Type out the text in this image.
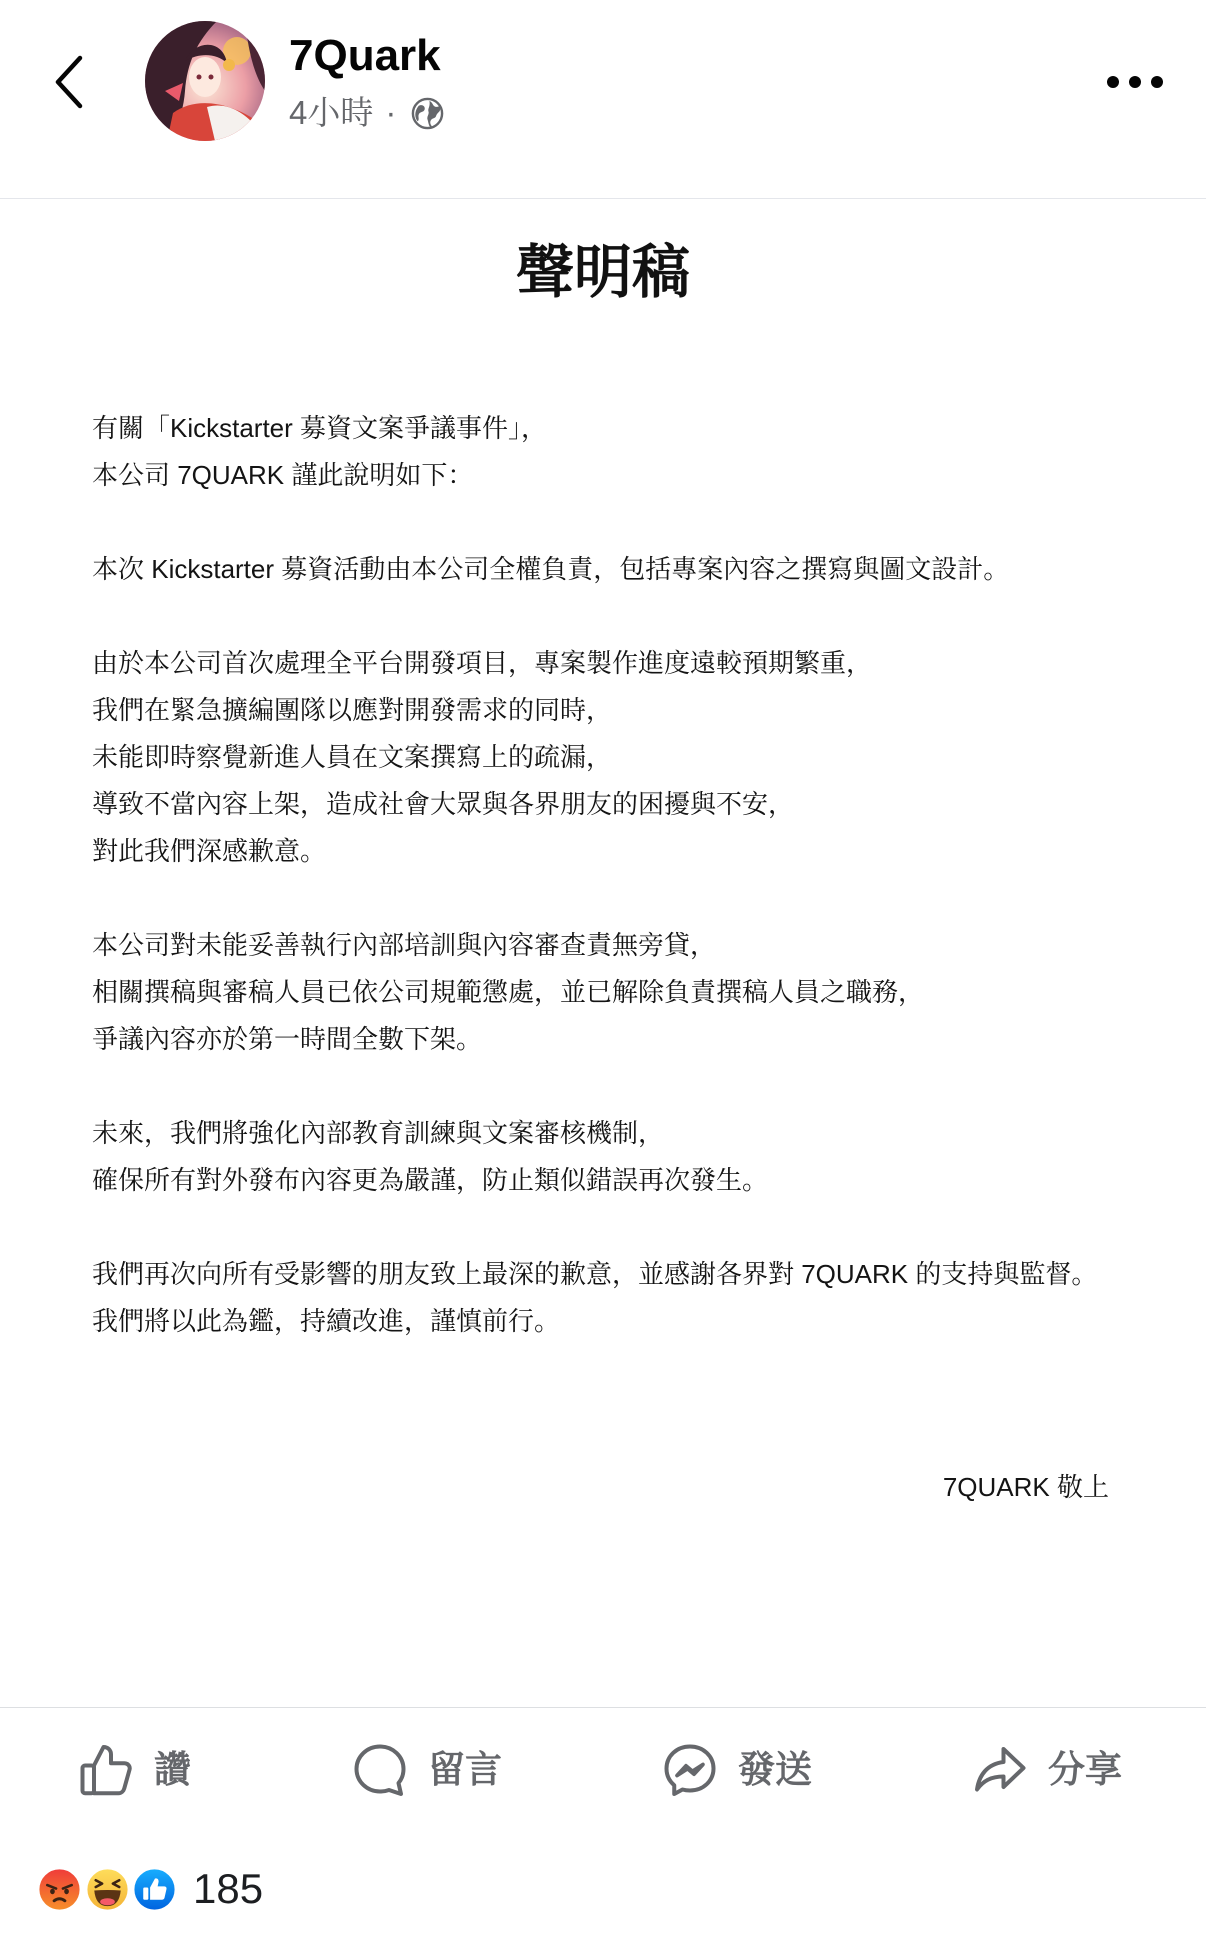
7Quark
4小時 ·
聲明稿
有關「Kickstarter 募資文案爭議事件」，
本公司 7QUARK 謹此說明如下：
本次 Kickstarter 募資活動由本公司全權負責，包括專案內容之撰寫與圖文設計。
由於本公司首次處理全平台開發項目，專案製作進度遠較預期繁重，
我們在緊急擴編團隊以應對開發需求的同時，
未能即時察覺新進人員在文案撰寫上的疏漏，
導致不當內容上架，造成社會大眾與各界朋友的困擾與不安，
對此我們深感歉意。
本公司對未能妥善執行內部培訓與內容審查責無旁貸，
相關撰稿與審稿人員已依公司規範懲處，並已解除負責撰稿人員之職務，
爭議內容亦於第一時間全數下架。
未來，我們將強化內部教育訓練與文案審核機制，
確保所有對外發布內容更為嚴謹，防止類似錯誤再次發生。
我們再次向所有受影響的朋友致上最深的歉意，並感謝各界對 7QUARK 的支持與監督。
我們將以此為鑑，持續改進，謹慎前行。
7QUARK 敬上
讚	留言	發送	分享
185
